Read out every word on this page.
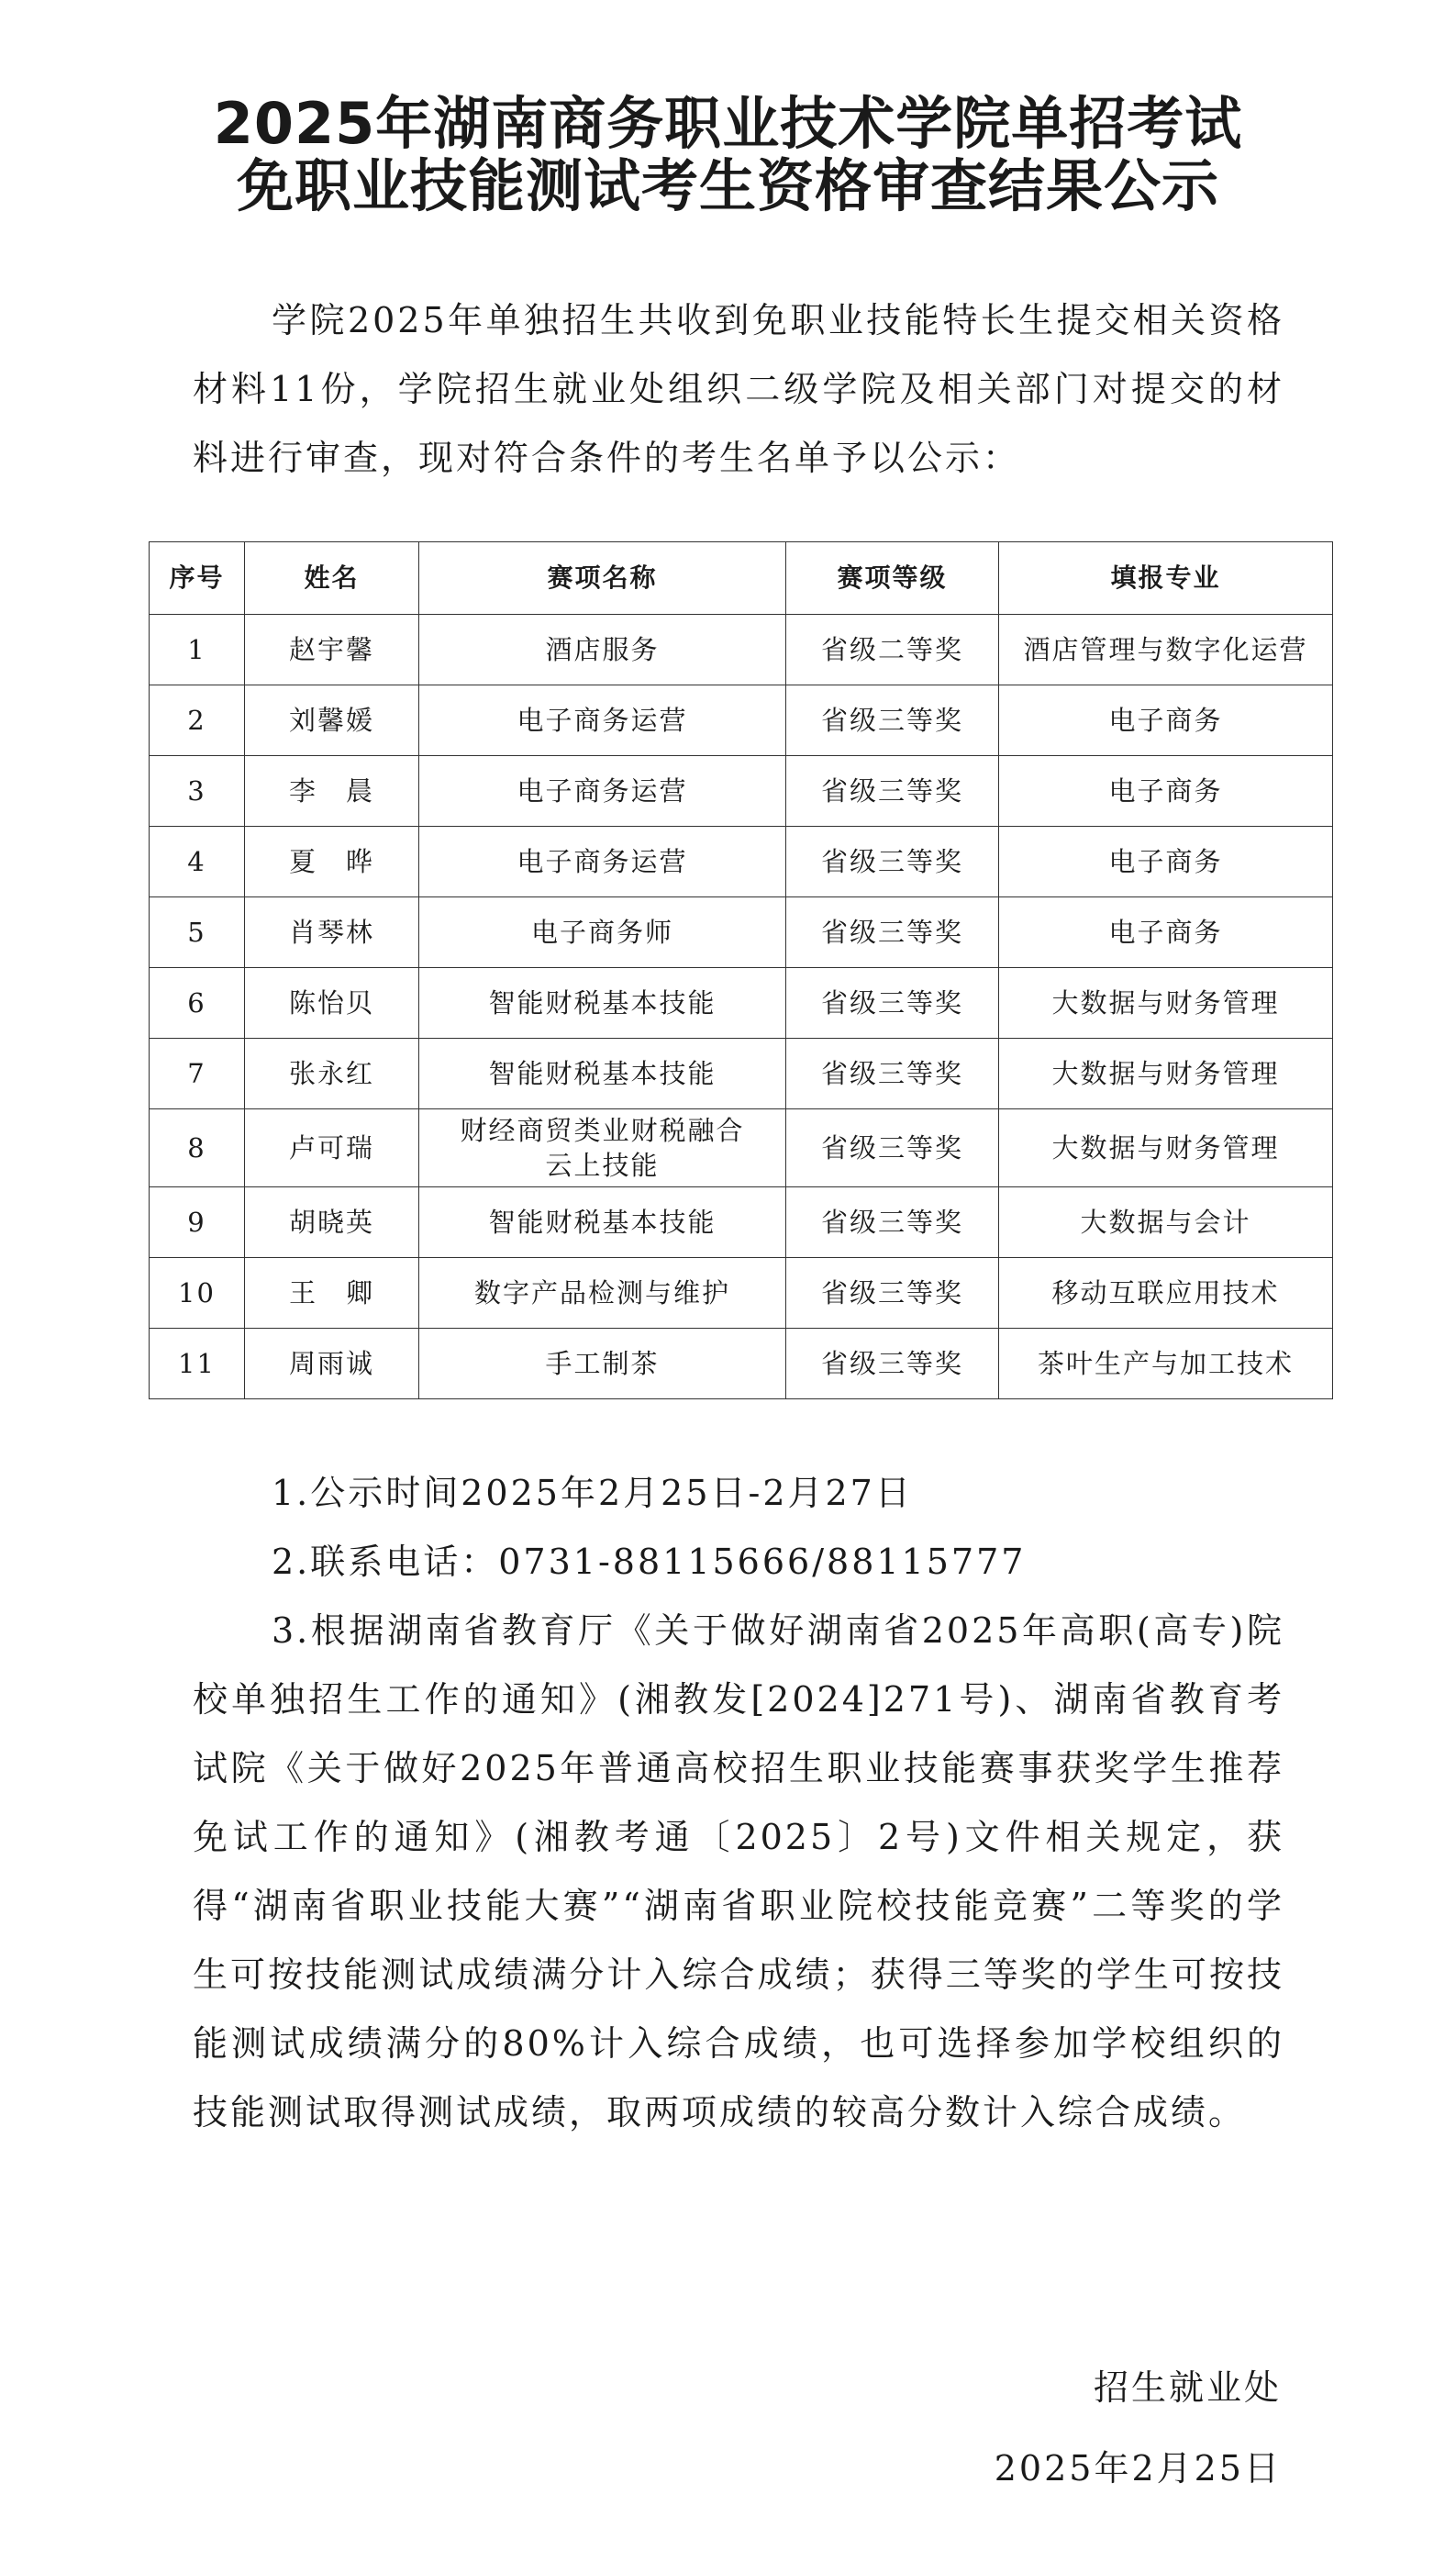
2025年湖南商务职业技术学院单招考试
免职业技能测试考生资格审查结果公示

学院2025年单独招生共收到免职业技能特长生提交相关资格材料11份，学院招生就业处组织二级学院及相关部门对提交的材料进行审查，现对符合条件的考生名单予以公示：

序号	姓名	赛项名称	赛项等级	填报专业
1	赵宇馨	酒店服务	省级二等奖	酒店管理与数字化运营
2	刘馨媛	电子商务运营	省级三等奖	电子商务
3	李　晨	电子商务运营	省级三等奖	电子商务
4	夏　晔	电子商务运营	省级三等奖	电子商务
5	肖琴林	电子商务师	省级三等奖	电子商务
6	陈怡贝	智能财税基本技能	省级三等奖	大数据与财务管理
7	张永红	智能财税基本技能	省级三等奖	大数据与财务管理
8	卢可瑞	财经商贸类业财税融合云上技能	省级三等奖	大数据与财务管理
9	胡晓英	智能财税基本技能	省级三等奖	大数据与会计
10	王　卿	数字产品检测与维护	省级三等奖	移动互联应用技术
11	周雨诚	手工制茶	省级三等奖	茶叶生产与加工技术

1.公示时间2025年2月25日-2月27日

2.联系电话：0731-88115666/88115777

3.根据湖南省教育厅《关于做好湖南省2025年高职(高专)院校单独招生工作的通知》(湘教发[2024]271号)、湖南省教育考试院《关于做好2025年普通高校招生职业技能赛事获奖学生推荐免试工作的通知》(湘教考通〔2025〕2号)文件相关规定，获得“湖南省职业技能大赛”“湖南省职业院校技能竞赛”二等奖的学生可按技能测试成绩满分计入综合成绩；获得三等奖的学生可按技能测试成绩满分的80%计入综合成绩，也可选择参加学校组织的技能测试取得测试成绩，取两项成绩的较高分数计入综合成绩。

招生就业处

2025年2月25日
